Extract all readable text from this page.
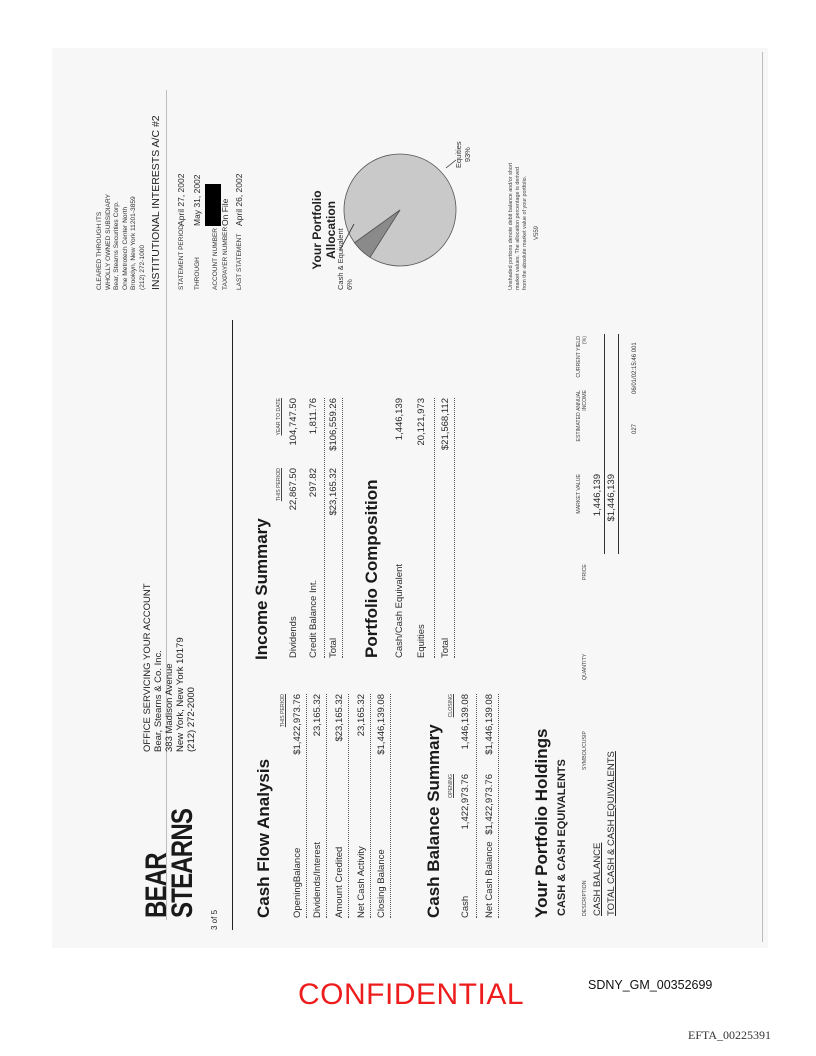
3 of 5
BEAR
STEARNS
OFFICE SERVICING YOUR ACCOUNT Bear, Stearns & Co. Inc. 383 Madison Avenue New York, New York 10179 (212) 272-2000
CLEARED THROUGH ITS WHOLLY OWNED SUBSIDIARY Bear, Stearns Securities Corp. One Metrotech Center North Brooklyn, New York 11201-3859 (212) 272-1000 INSTITUTIONAL INTERESTS A/C #2 STATEMENT PERIOD
April 27, 2002
THROUGH
May 31, 2002
ACCOUNT NUMBER TAXPAYER NUMBER
On File
LAST STATEMENT
April 26, 2002
Cash Flow Analysis
THIS PERIOD
OpeningBalance
$1,422,973.76
Dividends/Interest
23,165.32
Amount Credited
$23,165.32
Net Cash Activity
23,165.32
Closing Balance
$1,446,139.08 Cash Balance Summary OPENING
CLOSING
Cash
1,422,973.76
1,446,139.08
Net Cash Balance
$1,422,973.76
$1,446,139.08
Income Summary
THIS PERIOD
YEAR TO DATE
Dividends
22,867.50
104,747.50
Credit Balance Int.
297.82
1,811.76
Total
$23,165.32
$106,559.26
Portfolio Composition Cash/Cash Equivalent
1,446,139
Equities
20,121,973
Total
$21,568,112
Your Portfolio Allocation
Cash & Equivalent 6%
Equities 93%
Unshaded portions denote debit balance and/or short market values. The allocation percentage is derived from the absolute market value of your portfolio. V559
Your Portfolio Holdings CASH & CASH EQUIVALENTS	DESCRIPTION
SYMBOL/CUSIP
QUANTITY
PRICE
MARKET VALUE
ESTIMATED ANNUAL INCOME
CURRENT YIELD (%)
CASH BALANCE
1,446,139
TOTAL CASH & CASH EQUIVALENTS
$1,446,139
027
06/01/02:15:46 001
CONFIDENTIAL	SDNY_GM_00352699
EFTA_00225391
